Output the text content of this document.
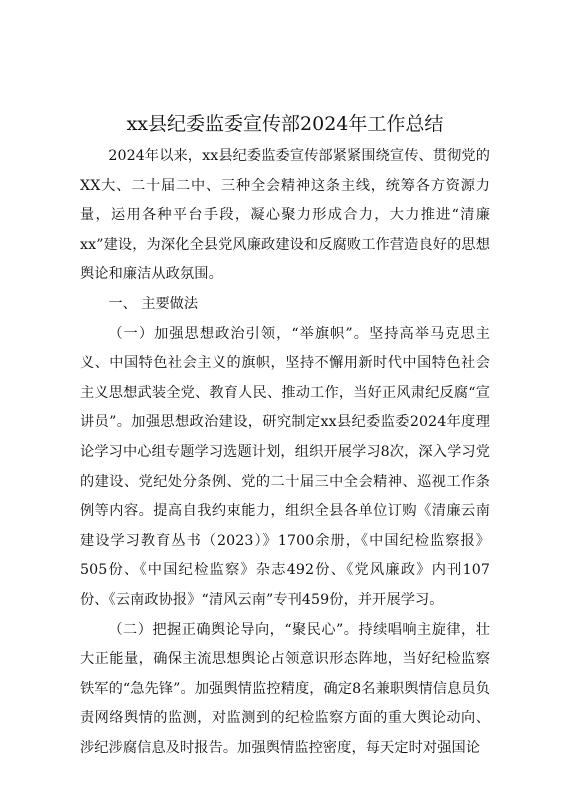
xx县纪委监委宣传部2024年工作总结

2024年以来，xx县纪委监委宣传部紧紧围绕宣传、贯彻党的XX大、二十届二中、三种全会精神这条主线，统筹各方资源力量，运用各种平台手段，凝心聚力形成合力，大力推进“清廉xx”建设，为深化全县党风廉政建设和反腐败工作营造良好的思想舆论和廉洁从政氛围。

一、 主要做法

（一）加强思想政治引领，“举旗帜”。坚持高举马克思主义、中国特色社会主义的旗帜，坚持不懈用新时代中国特色社会主义思想武装全党、教育人民、推动工作，当好正风肃纪反腐“宣讲员”。加强思想政治建设，研究制定xx县纪委监委2024年度理论学习中心组专题学习选题计划，组织开展学习8次，深入学习党的建设、党纪处分条例、党的二十届三中全会精神、巡视工作条例等内容。提高自我约束能力，组织全县各单位订购《清廉云南建设学习教育丛书（2023）》1700余册，《中国纪检监察报》505份、《中国纪检监察》杂志492份、《党风廉政》内刊107份、《云南政协报》“清风云南”专刊459份，并开展学习。

（二）把握正确舆论导向，“聚民心”。持续唱响主旋律，壮大正能量，确保主流思想舆论占领意识形态阵地，当好纪检监察铁军的“急先锋”。加强舆情监控精度，确定8名兼职舆情信息员负责网络舆情的监测，对监测到的纪检监察方面的重大舆论动向、涉纪涉腐信息及时报告。加强舆情监控密度，每天定时对强国论
